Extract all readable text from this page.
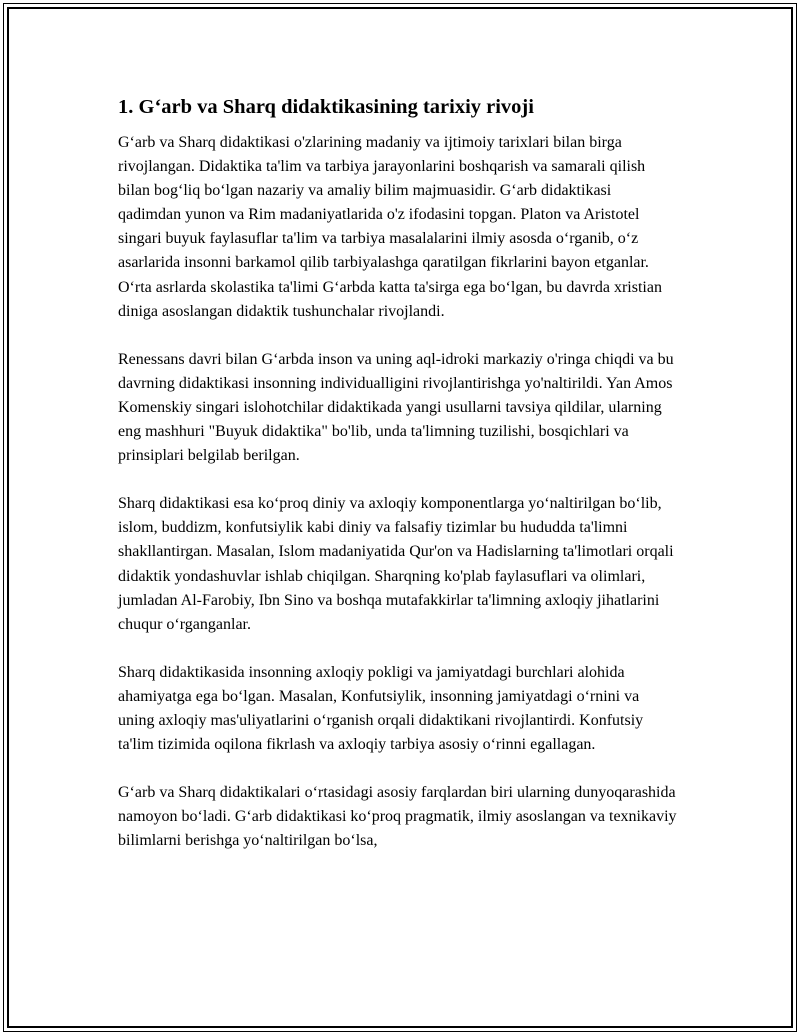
1. G‘arb va Sharq didaktikasining tarixiy rivoji

G‘arb va Sharq didaktikasi o'zlarining madaniy va ijtimoiy tarixlari bilan birga rivojlangan. Didaktika ta'lim va tarbiya jarayonlarini boshqarish va samarali qilish bilan bog‘liq bo‘lgan nazariy va amaliy bilim majmuasidir. G‘arb didaktikasi qadimdan yunon va Rim madaniyatlarida o'z ifodasini topgan. Platon va Aristotel singari buyuk faylasuflar ta'lim va tarbiya masalalarini ilmiy asosda o‘rganib, o‘z asarlarida insonni barkamol qilib tarbiyalashga qaratilgan fikrlarini bayon etganlar. O‘rta asrlarda skolastika ta'limi G‘arbda katta ta'sirga ega bo‘lgan, bu davrda xristian diniga asoslangan didaktik tushunchalar rivojlandi.

Renessans davri bilan G‘arbda inson va uning aql-idroki markaziy o'ringa chiqdi va bu davrning didaktikasi insonning individualligini rivojlantirishga yo'naltirildi. Yan Amos Komenskiy singari islohotchilar didaktikada yangi usullarni tavsiya qildilar, ularning eng mashhuri "Buyuk didaktika" bo'lib, unda ta'limning tuzilishi, bosqichlari va prinsiplari belgilab berilgan.

Sharq didaktikasi esa ko‘proq diniy va axloqiy komponentlarga yo‘naltirilgan bo‘lib, islom, buddizm, konfutsiylik kabi diniy va falsafiy tizimlar bu hududda ta'limni shakllantirgan. Masalan, Islom madaniyatida Qur'on va Hadislarning ta'limotlari orqali didaktik yondashuvlar ishlab chiqilgan. Sharqning ko'plab faylasuflari va olimlari, jumladan Al-Farobiy, Ibn Sino va boshqa mutafakkirlar ta'limning axloqiy jihatlarini chuqur o‘rganganlar.

Sharq didaktikasida insonning axloqiy pokligi va jamiyatdagi burchlari alohida ahamiyatga ega bo‘lgan. Masalan, Konfutsiylik, insonning jamiyatdagi o‘rnini va uning axloqiy mas'uliyatlarini o‘rganish orqali didaktikani rivojlantirdi. Konfutsiy ta'lim tizimida oqilona fikrlash va axloqiy tarbiya asosiy o‘rinni egallagan.

G‘arb va Sharq didaktikalari o‘rtasidagi asosiy farqlardan biri ularning dunyoqarashida namoyon bo‘ladi. G‘arb didaktikasi ko‘proq pragmatik, ilmiy asoslangan va texnikaviy bilimlarni berishga yo‘naltirilgan bo‘lsa,
